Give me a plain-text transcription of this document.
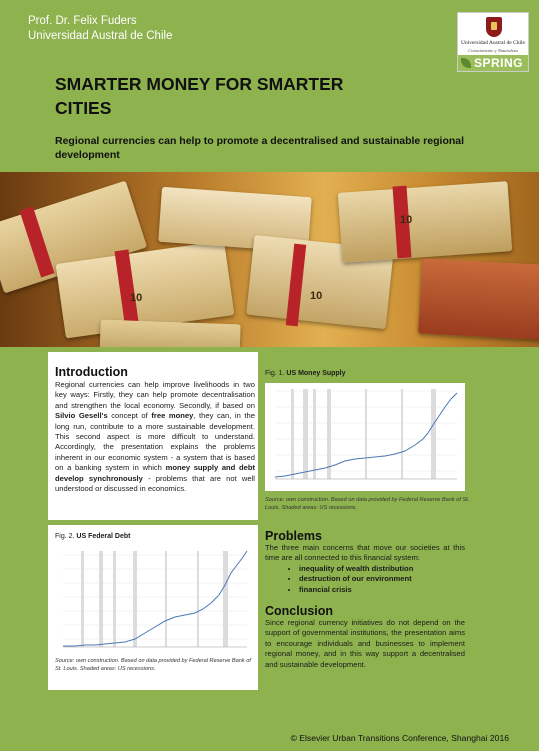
Prof. Dr. Felix Fuders
Universidad Austral de Chile
Universidad Austral de Chile
Conocimiento y Naturaleza
SPRING
SMARTER MONEY FOR SMARTER
CITIES
Regional currencies can help to promote a decentralised and sustainable regional development
10	10
10
Introduction
Regional currencies can help improve livelihoods in two key ways: Firstly, they can help promote decentralisation and strengthen the local economy. Secondly, if based on Silvio Gesell's concept of free money, they can, in the long run, contribute to a more sustainable development. This second aspect is more difficult to understand. Accordingly, the presentation explains the problems inherent in our economic system - a system that is based on a banking system in which money supply and debt develop synchronously - problems that are not well understood or discussed in economics.
Fig. 1. US Money Supply
Source: own construction. Based on data provided by Federal Reserve Bank of St. Louis. Shaded areas: US recessions.
Fig. 2. US Federal Debt
Source: own construction. Based on data provided by Federal Reserve Bank of St. Louis. Shaded areas: US recessions.
Problems
The three main concerns that move our societies at this time are all connected to this financial system:
• inequality of wealth distribution
• destruction of our environment
• financial crisis
Conclusion
Since regional currency initiatives do not depend on the support of governmental institutions, the presentation aims to encourage individuals and businesses to implement regional money, and in this way support a decentralised and sustainable development.
© Elsevier Urban Transitions Conference, Shanghai 2016
